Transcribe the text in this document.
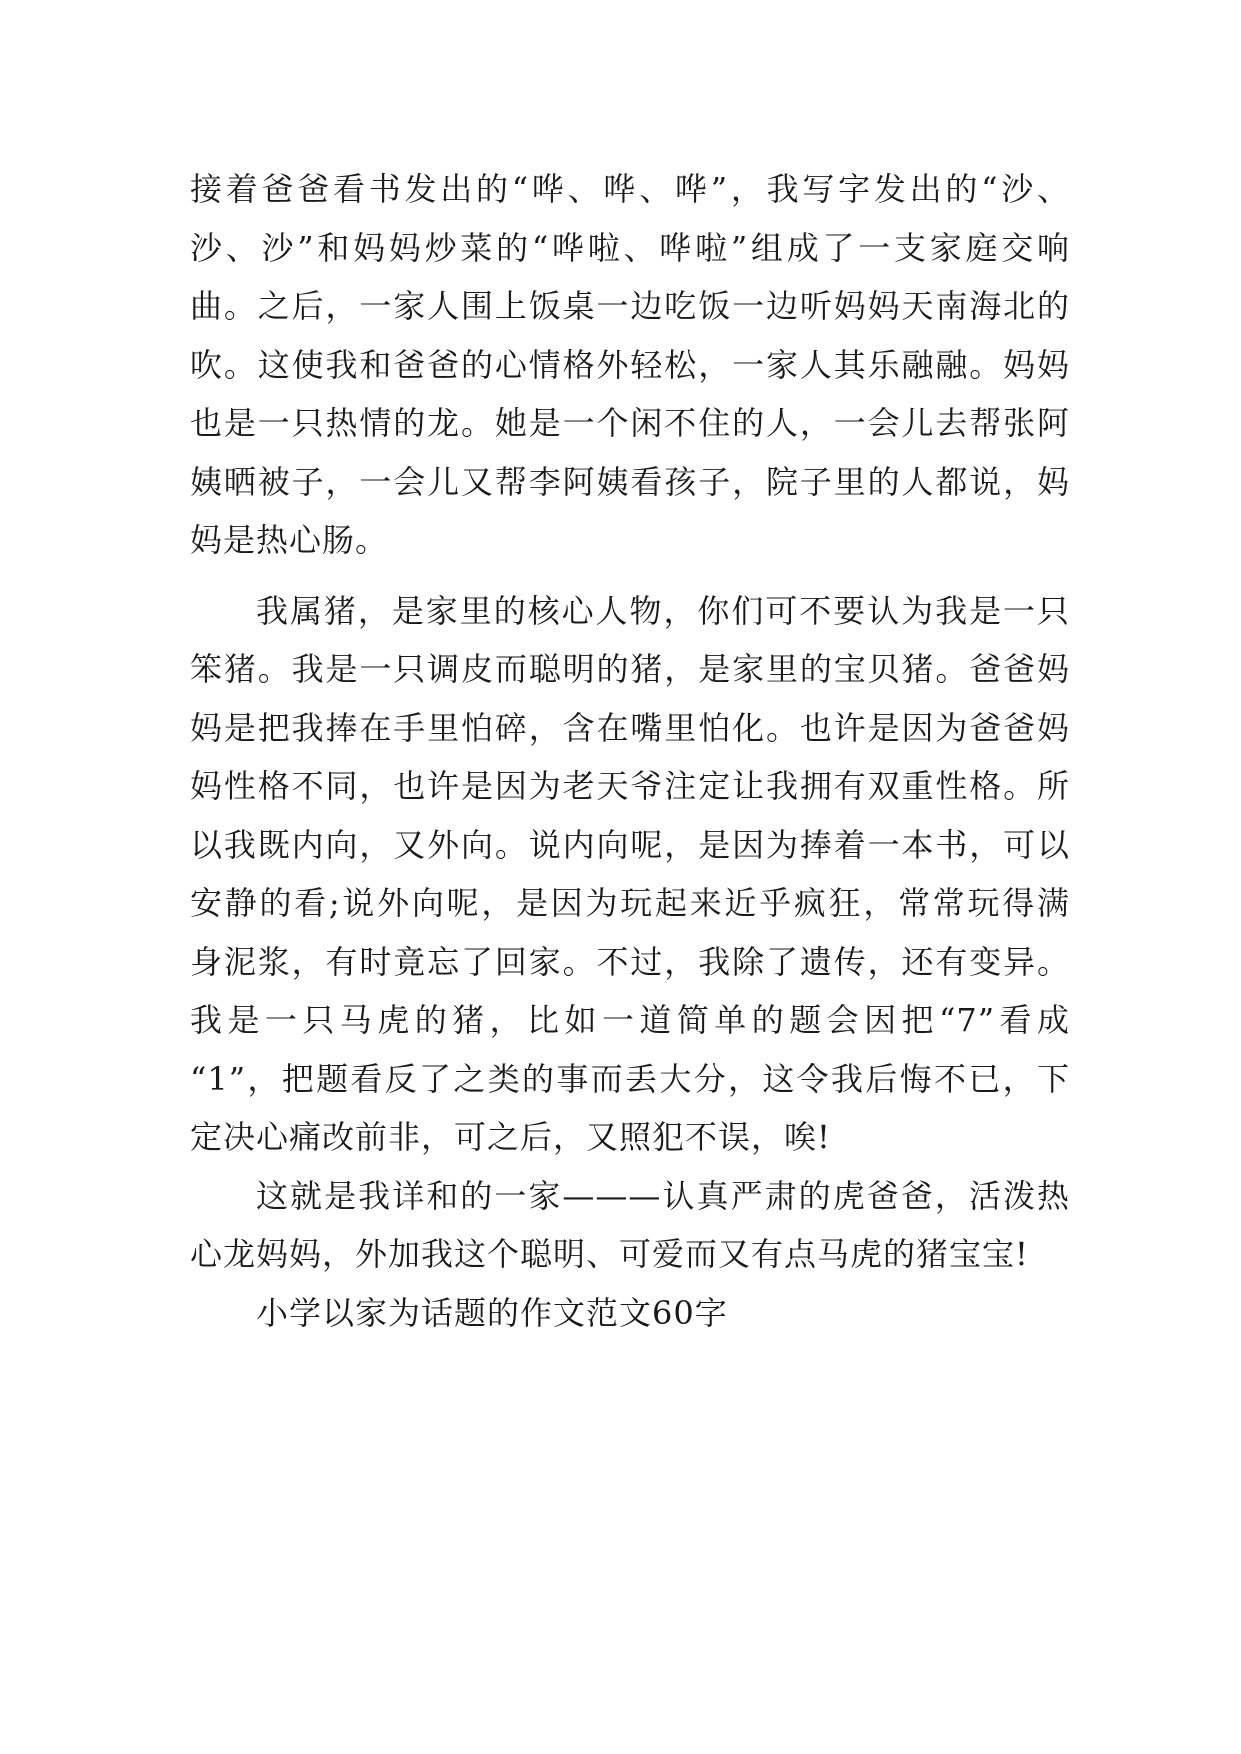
接着爸爸看书发出的“哗、哗、哗”，我写字发出的“沙、
沙、沙”和妈妈炒菜的“哗啦、哗啦”组成了一支家庭交响
曲。之后，一家人围上饭桌一边吃饭一边听妈妈天南海北的
吹。这使我和爸爸的心情格外轻松，一家人其乐融融。妈妈
也是一只热情的龙。她是一个闲不住的人，一会儿去帮张阿
姨晒被子，一会儿又帮李阿姨看孩子，院子里的人都说，妈
妈是热心肠。
我属猪，是家里的核心人物，你们可不要认为我是一只
笨猪。我是一只调皮而聪明的猪，是家里的宝贝猪。爸爸妈
妈是把我捧在手里怕碎，含在嘴里怕化。也许是因为爸爸妈
妈性格不同，也许是因为老天爷注定让我拥有双重性格。所
以我既内向，又外向。说内向呢，是因为捧着一本书，可以
安静的看;说外向呢，是因为玩起来近乎疯狂，常常玩得满
身泥浆，有时竟忘了回家。不过，我除了遗传，还有变异。
我是一只马虎的猪，比如一道简单的题会因把“7”看成
“1”，把题看反了之类的事而丢大分，这令我后悔不已，下
定决心痛改前非，可之后，又照犯不误，唉!
这就是我详和的一家———认真严肃的虎爸爸，活泼热
心龙妈妈，外加我这个聪明、可爱而又有点马虎的猪宝宝!
小学以家为话题的作文范文60字
